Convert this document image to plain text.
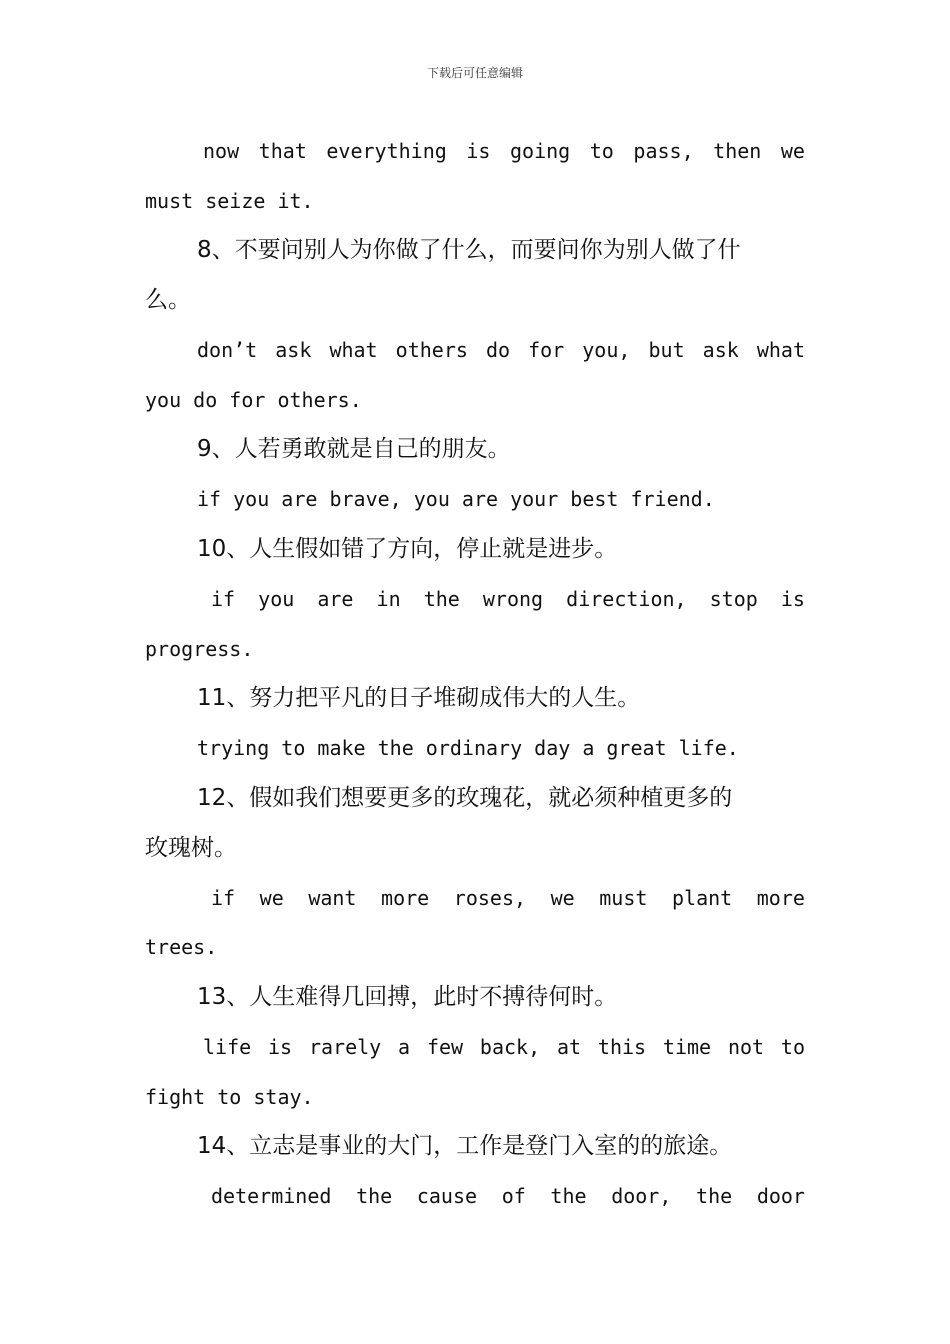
下载后可任意编辑
now that everything is going to pass, then we
must seize it.
8、不要问别人为你做了什么，而要问你为别人做了什
么。
don’t ask what others do for you, but ask what
you do for others.
9、人若勇敢就是自己的朋友。
if you are brave, you are your best friend.
10、人生假如错了方向，停止就是进步。
if you are in the wrong direction, stop is
progress.
11、努力把平凡的日子堆砌成伟大的人生。
trying to make the ordinary day a great life.
12、假如我们想要更多的玫瑰花，就必须种植更多的
玫瑰树。
if we want more roses, we must plant more
trees.
13、人生难得几回搏，此时不搏待何时。
life is rarely a few back, at this time not to
fight to stay.
14、立志是事业的大门，工作是登门入室的的旅途。
determined the cause of the door, the door
